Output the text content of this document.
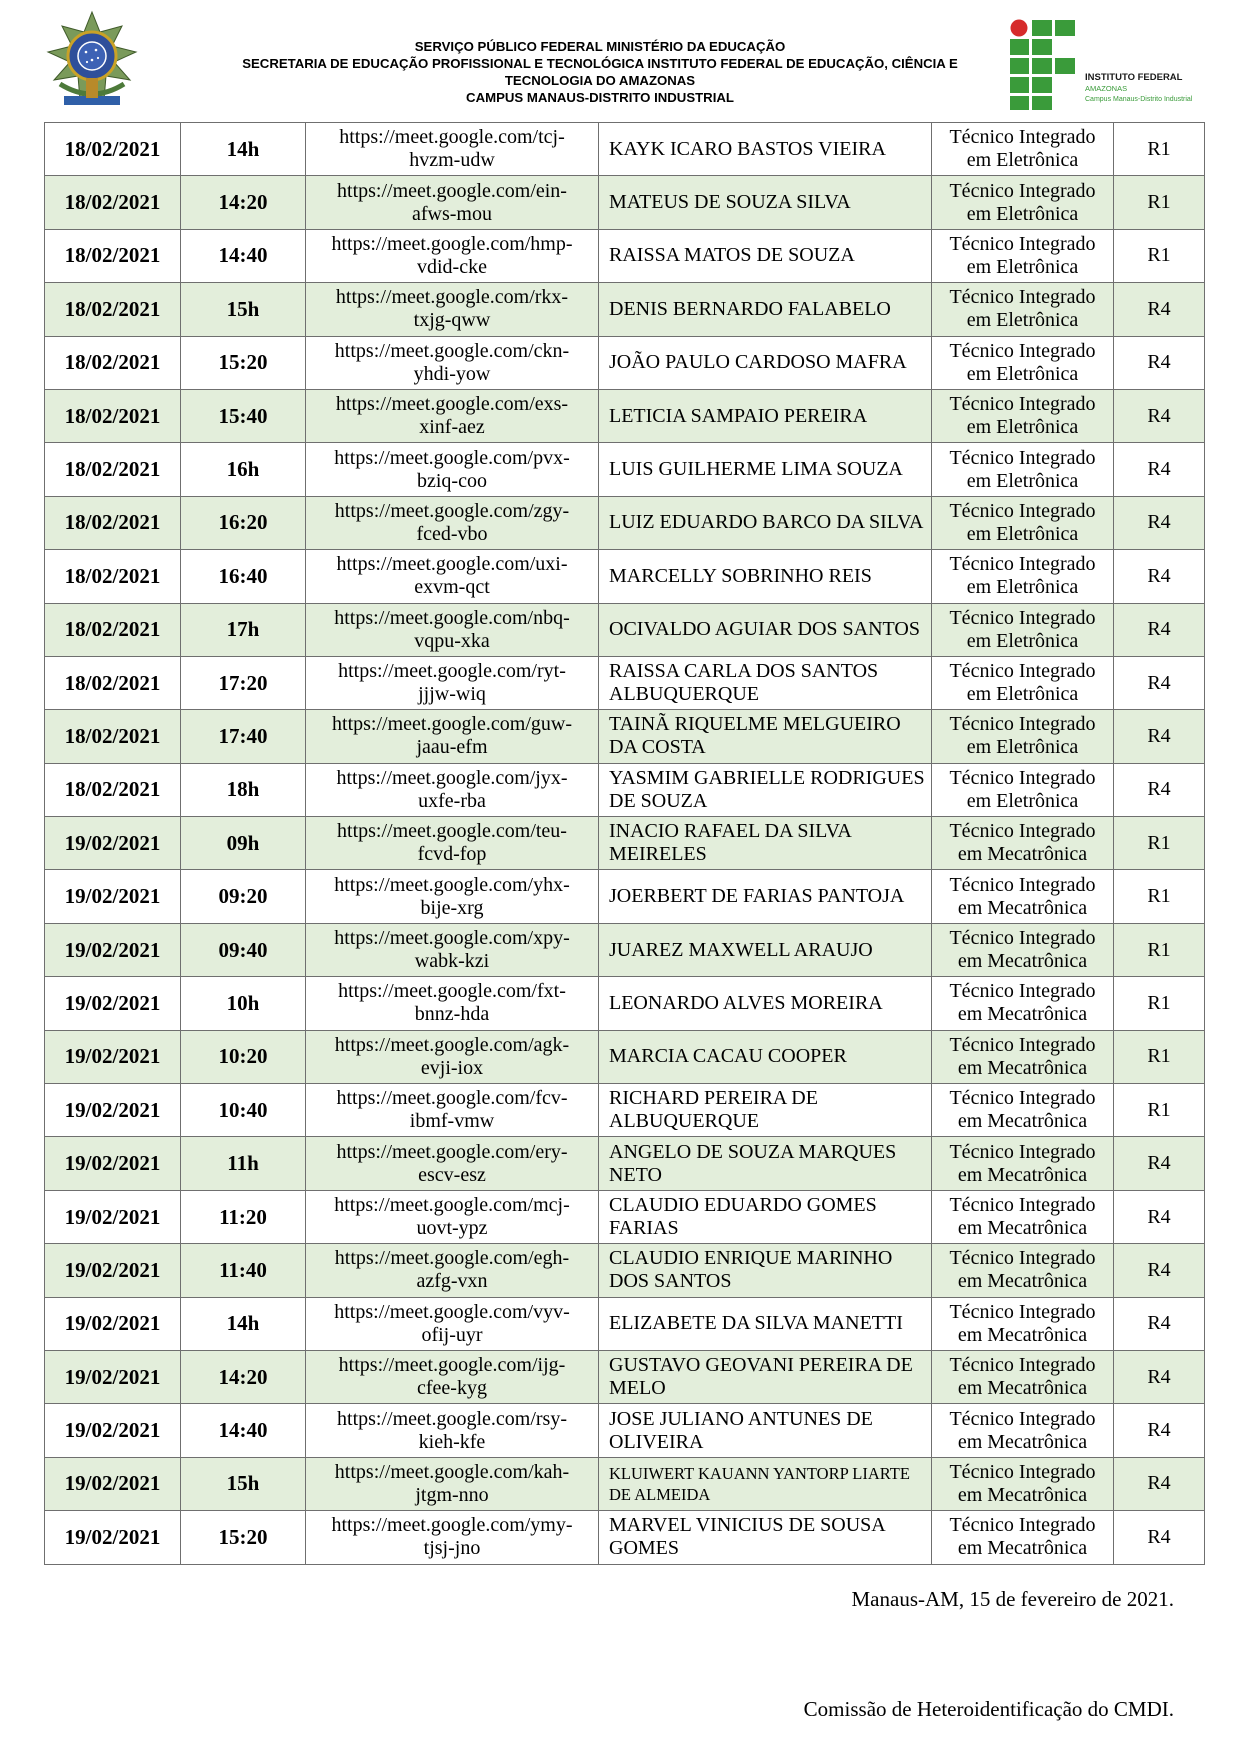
SERVIÇO PÚBLICO FEDERAL MINISTÉRIO DA EDUCAÇÃO
SECRETARIA DE EDUCAÇÃO PROFISSIONAL E TECNOLÓGICA INSTITUTO FEDERAL DE EDUCAÇÃO, CIÊNCIA E
TECNOLOGIA DO AMAZONAS
CAMPUS MANAUS-DISTRITO INDUSTRIAL
INSTITUTO FEDERAL
AMAZONAS
Campus Manaus-Distrito Industrial
18/02/2021	14h	https://meet.google.com/tcj-
hvzm-udw	KAYK ICARO BASTOS VIEIRA	Técnico Integrado
em Eletrônica	R1
18/02/2021	14:20	https://meet.google.com/ein-
afws-mou	MATEUS DE SOUZA SILVA	Técnico Integrado
em Eletrônica	R1
18/02/2021	14:40	https://meet.google.com/hmp-
vdid-cke	RAISSA MATOS DE SOUZA	Técnico Integrado
em Eletrônica	R1
18/02/2021	15h	https://meet.google.com/rkx-
txjg-qww	DENIS BERNARDO FALABELO	Técnico Integrado
em Eletrônica	R4
18/02/2021	15:20	https://meet.google.com/ckn-
yhdi-yow	JOÃO PAULO CARDOSO MAFRA	Técnico Integrado
em Eletrônica	R4
18/02/2021	15:40	https://meet.google.com/exs-
xinf-aez	LETICIA SAMPAIO PEREIRA	Técnico Integrado
em Eletrônica	R4
18/02/2021	16h	https://meet.google.com/pvx-
bziq-coo	LUIS GUILHERME LIMA SOUZA	Técnico Integrado
em Eletrônica	R4
18/02/2021	16:20	https://meet.google.com/zgy-
fced-vbo	LUIZ EDUARDO BARCO DA SILVA	Técnico Integrado
em Eletrônica	R4
18/02/2021	16:40	https://meet.google.com/uxi-
exvm-qct	MARCELLY SOBRINHO REIS	Técnico Integrado
em Eletrônica	R4
18/02/2021	17h	https://meet.google.com/nbq-
vqpu-xka	OCIVALDO AGUIAR DOS SANTOS	Técnico Integrado
em Eletrônica	R4
18/02/2021	17:20	https://meet.google.com/ryt-
jjjw-wiq	RAISSA CARLA DOS SANTOS ALBUQUERQUE	Técnico Integrado
em Eletrônica	R4
18/02/2021	17:40	https://meet.google.com/guw-
jaau-efm	TAINÃ RIQUELME MELGUEIRO DA COSTA	Técnico Integrado
em Eletrônica	R4
18/02/2021	18h	https://meet.google.com/jyx-
uxfe-rba	YASMIM GABRIELLE RODRIGUES DE SOUZA	Técnico Integrado
em Eletrônica	R4
19/02/2021	09h	https://meet.google.com/teu-
fcvd-fop	INACIO RAFAEL DA SILVA MEIRELES	Técnico Integrado
em Mecatrônica	R1
19/02/2021	09:20	https://meet.google.com/yhx-
bije-xrg	JOERBERT DE FARIAS PANTOJA	Técnico Integrado
em Mecatrônica	R1
19/02/2021	09:40	https://meet.google.com/xpy-
wabk-kzi	JUAREZ MAXWELL ARAUJO	Técnico Integrado
em Mecatrônica	R1
19/02/2021	10h	https://meet.google.com/fxt-
bnnz-hda	LEONARDO ALVES MOREIRA	Técnico Integrado
em Mecatrônica	R1
19/02/2021	10:20	https://meet.google.com/agk-
evji-iox	MARCIA CACAU COOPER	Técnico Integrado
em Mecatrônica	R1
19/02/2021	10:40	https://meet.google.com/fcv-
ibmf-vmw	RICHARD PEREIRA DE ALBUQUERQUE	Técnico Integrado
em Mecatrônica	R1
19/02/2021	11h	https://meet.google.com/ery-
escv-esz	ANGELO DE SOUZA MARQUES NETO	Técnico Integrado
em Mecatrônica	R4
19/02/2021	11:20	https://meet.google.com/mcj-
uovt-ypz	CLAUDIO EDUARDO GOMES FARIAS	Técnico Integrado
em Mecatrônica	R4
19/02/2021	11:40	https://meet.google.com/egh-
azfg-vxn	CLAUDIO ENRIQUE MARINHO DOS SANTOS	Técnico Integrado
em Mecatrônica	R4
19/02/2021	14h	https://meet.google.com/vyv-
ofij-uyr	ELIZABETE DA SILVA MANETTI	Técnico Integrado
em Mecatrônica	R4
19/02/2021	14:20	https://meet.google.com/ijg-
cfee-kyg	GUSTAVO GEOVANI PEREIRA DE MELO	Técnico Integrado
em Mecatrônica	R4
19/02/2021	14:40	https://meet.google.com/rsy-
kieh-kfe	JOSE JULIANO ANTUNES DE OLIVEIRA	Técnico Integrado
em Mecatrônica	R4
19/02/2021	15h	https://meet.google.com/kah-
jtgm-nno	KLUIWERT KAUANN YANTORP LIARTE DE ALMEIDA	Técnico Integrado
em Mecatrônica	R4
19/02/2021	15:20	https://meet.google.com/ymy-
tjsj-jno	MARVEL VINICIUS DE SOUSA GOMES	Técnico Integrado
em Mecatrônica	R4
Manaus-AM, 15 de fevereiro de 2021.
Comissão de Heteroidentificação do CMDI.
